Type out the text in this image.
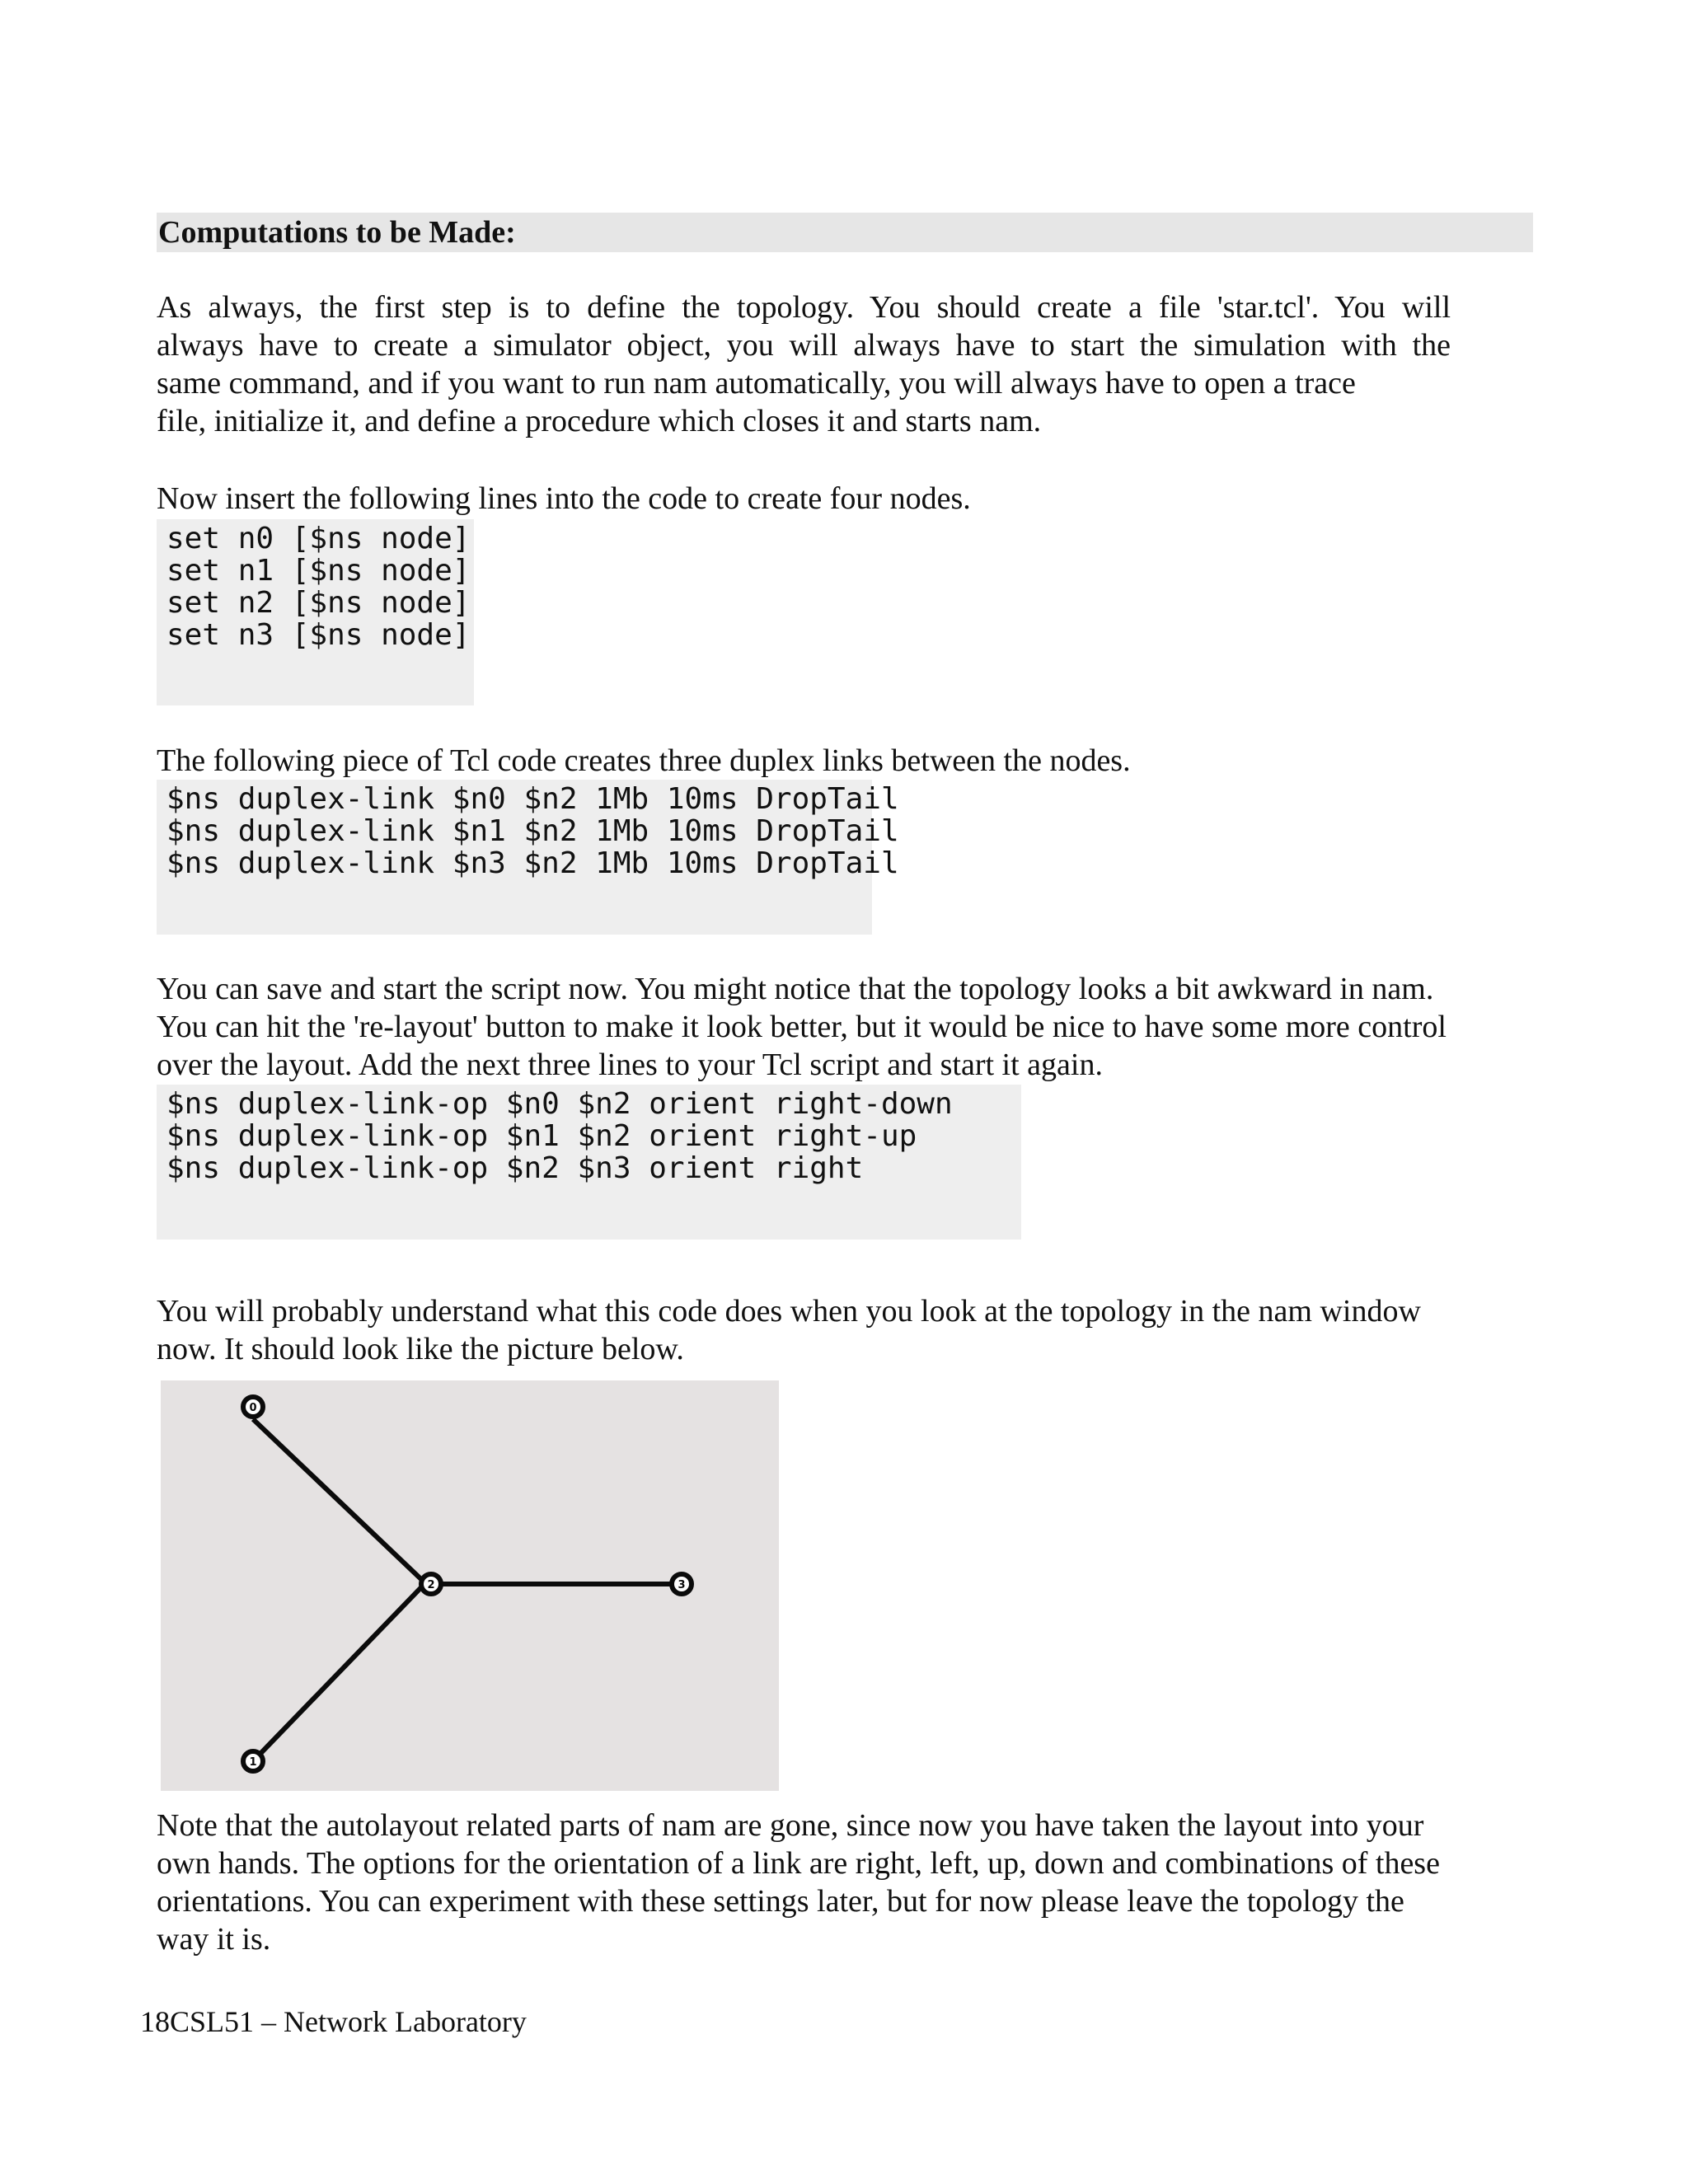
Computations to be Made:
As always, the first step is to define the topology. You should create a file 'star.tcl'. You will
always have to create a simulator object, you will always have to start the simulation with the
same command, and if you want to run nam automatically, you will always have to open a trace
file, initialize it, and define a procedure which closes it and starts nam.
Now insert the following lines into the code to create four nodes.
set n0 [$ns node]
set n1 [$ns node]
set n2 [$ns node]
set n3 [$ns node]
The following piece of Tcl code creates three duplex links between the nodes.
$ns duplex-link $n0 $n2 1Mb 10ms DropTail
$ns duplex-link $n1 $n2 1Mb 10ms DropTail
$ns duplex-link $n3 $n2 1Mb 10ms DropTail
You can save and start the script now. You might notice that the topology looks a bit awkward in nam.
You can hit the 're-layout' button to make it look better, but it would be nice to have some more control
over the layout. Add the next three lines to your Tcl script and start it again.
$ns duplex-link-op $n0 $n2 orient right-down
$ns duplex-link-op $n1 $n2 orient right-up
$ns duplex-link-op $n2 $n3 orient right
You will probably understand what this code does when you look at the topology in the nam window
now. It should look like the picture below.
0
1
2	3
Note that the autolayout related parts of nam are gone, since now you have taken the layout into your
own hands. The options for the orientation of a link are right, left, up, down and combinations of these
orientations. You can experiment with these settings later, but for now please leave the topology the
way it is.
18CSL51 – Network Laboratory
